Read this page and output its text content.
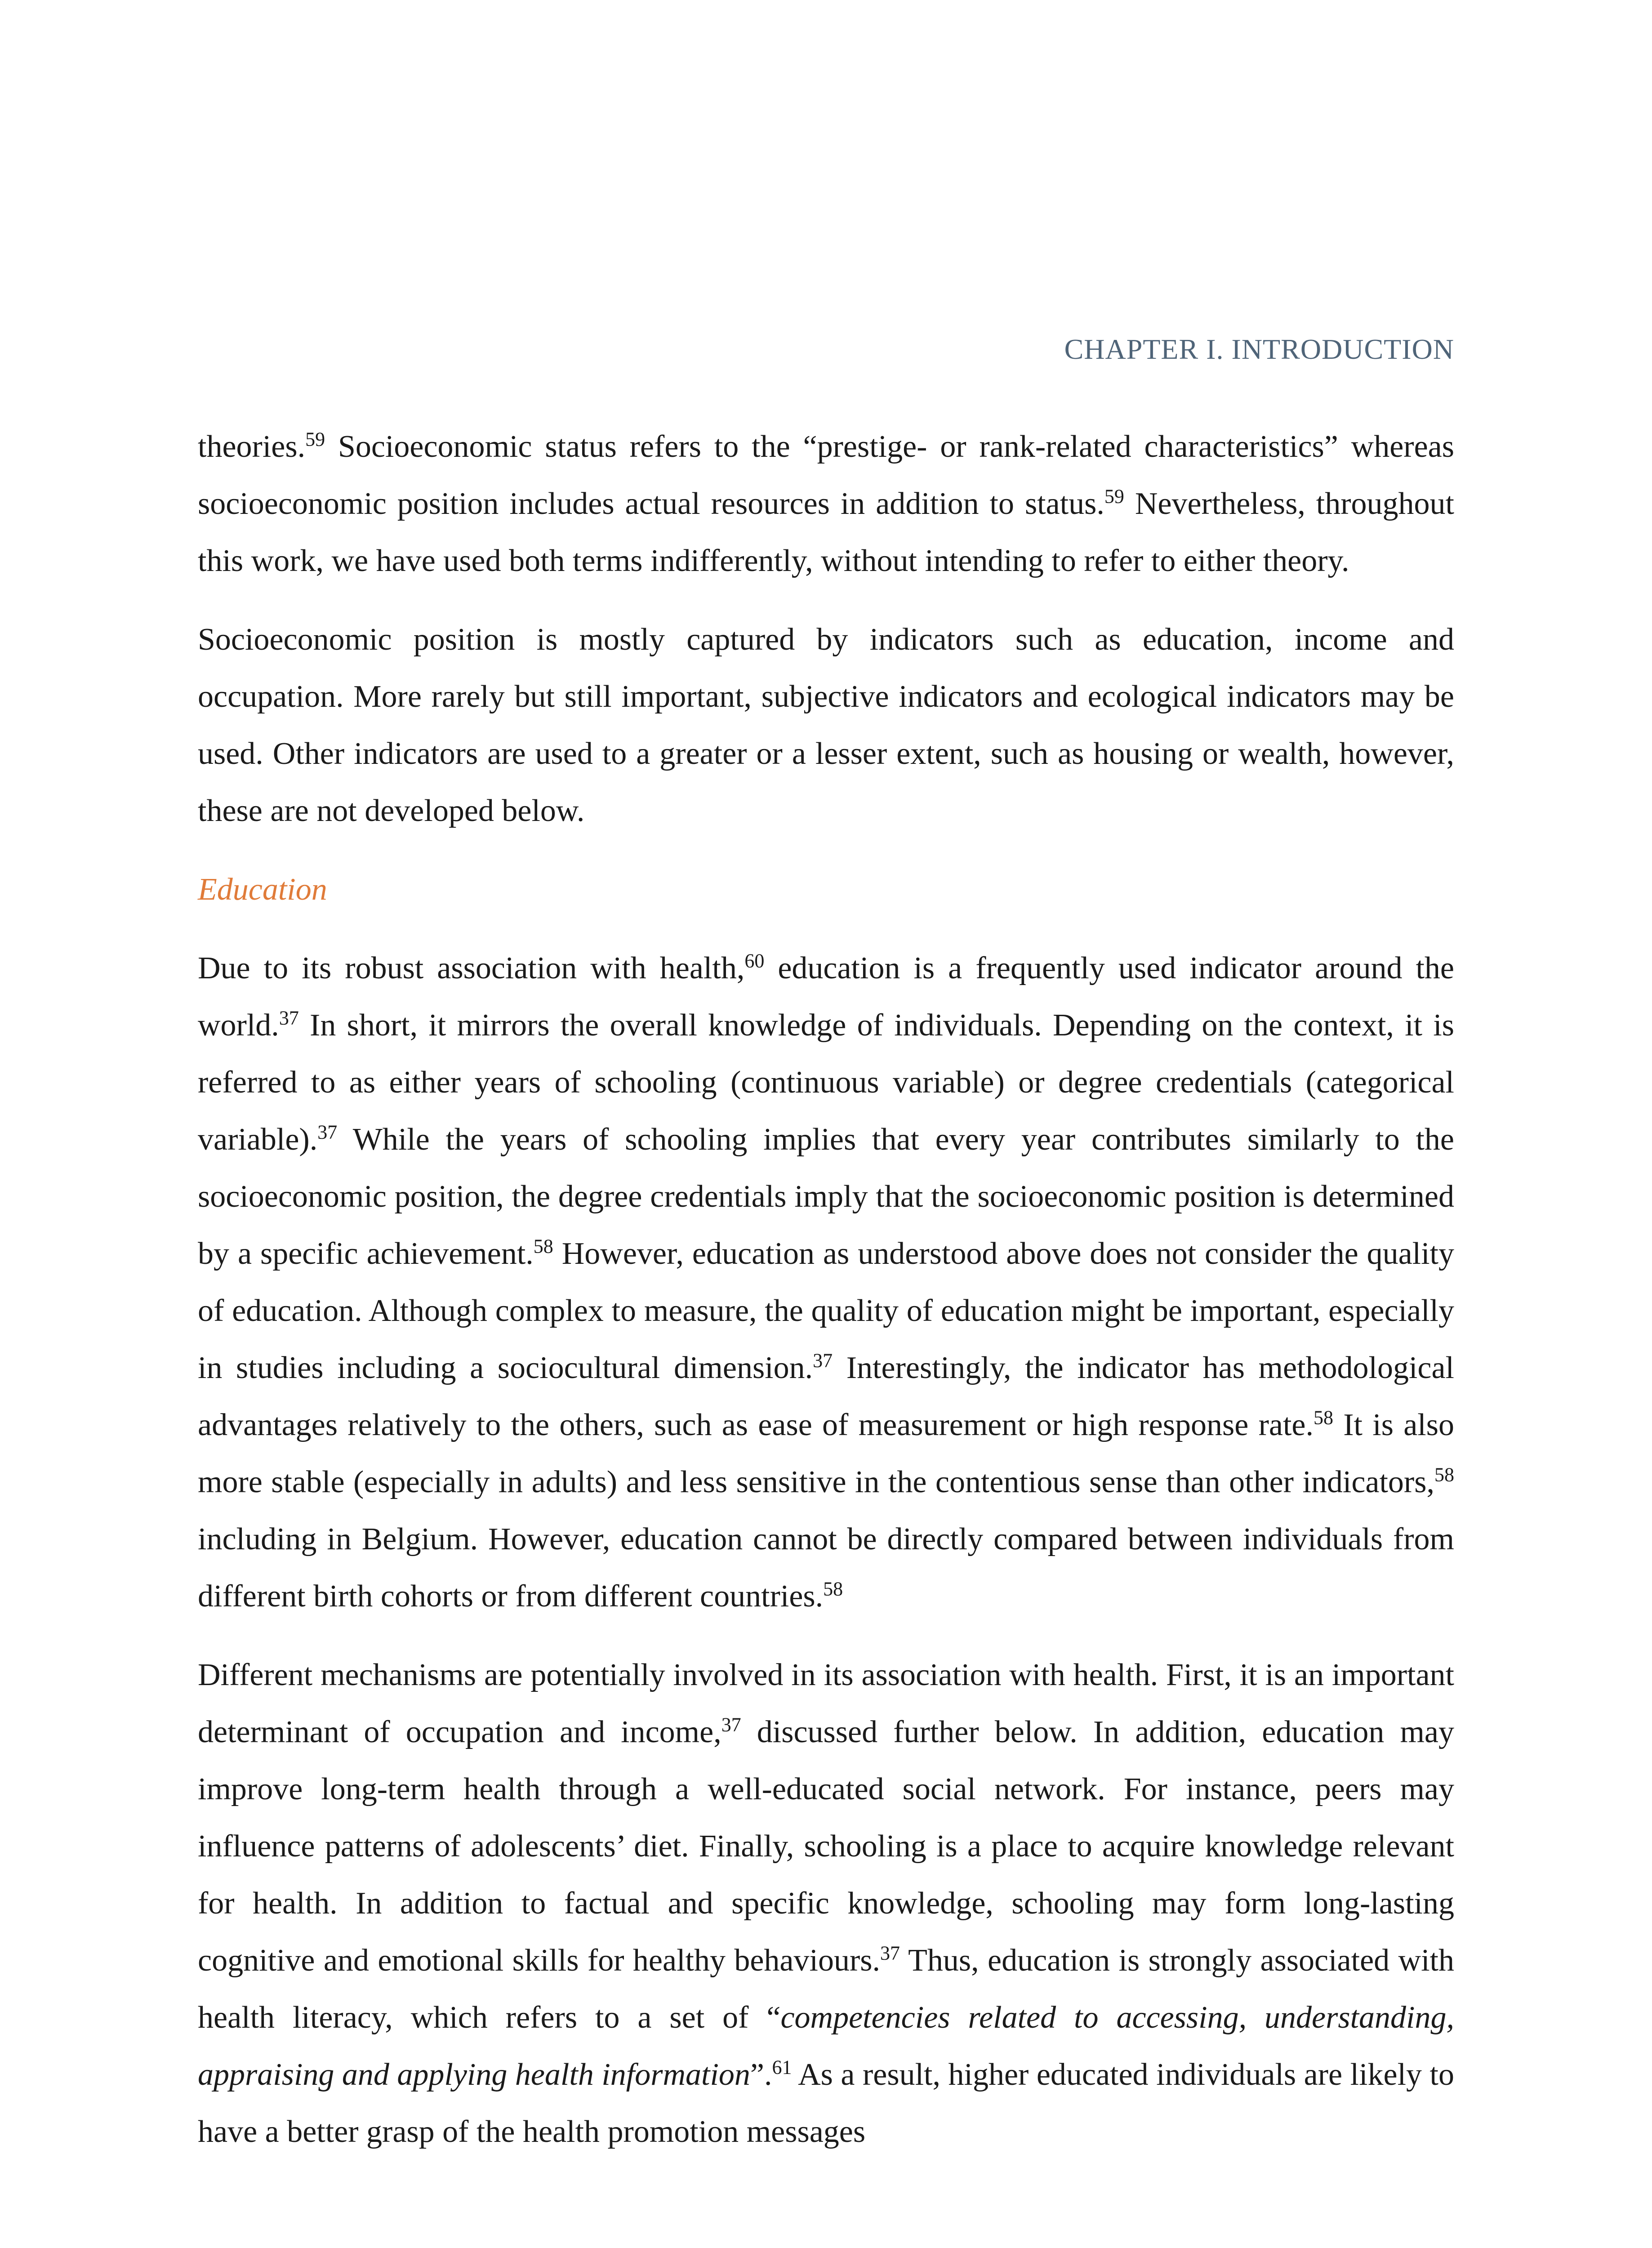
CHAPTER I. INTRODUCTION

theories.$^{59}$ Socioeconomic status refers to the “prestige- or rank-related characteristics” whereas socioeconomic position includes actual resources in addition to status.$^{59}$ Nevertheless, throughout this work, we have used both terms indifferently, without intending to refer to either theory.

Socioeconomic position is mostly captured by indicators such as education, income and occupation. More rarely but still important, subjective indicators and ecological indicators may be used. Other indicators are used to a greater or a lesser extent, such as housing or wealth, however, these are not developed below.

Education

Due to its robust association with health,$^{60}$ education is a frequently used indicator around the world.$^{37}$ In short, it mirrors the overall knowledge of individuals. Depending on the context, it is referred to as either years of schooling (continuous variable) or degree credentials (categorical variable).$^{37}$ While the years of schooling implies that every year contributes similarly to the socioeconomic position, the degree credentials imply that the socioeconomic position is determined by a specific achievement.$^{58}$ However, education as understood above does not consider the quality of education. Although complex to measure, the quality of education might be important, especially in studies including a sociocultural dimension.$^{37}$ Interestingly, the indicator has methodological advantages relatively to the others, such as ease of measurement or high response rate.$^{58}$ It is also more stable (especially in adults) and less sensitive in the contentious sense than other indicators,$^{58}$ including in Belgium. However, education cannot be directly compared between individuals from different birth cohorts or from different countries.$^{58}$

Different mechanisms are potentially involved in its association with health. First, it is an important determinant of occupation and income,$^{37}$ discussed further below. In addition, education may improve long-term health through a well-educated social network. For instance, peers may influence patterns of adolescents’ diet. Finally, schooling is a place to acquire knowledge relevant for health. In addition to factual and specific knowledge, schooling may form long-lasting cognitive and emotional skills for healthy behaviours.$^{37}$ Thus, education is strongly associated with health literacy, which refers to a set of “competencies related to accessing, understanding, appraising and applying health information”.$^{61}$ As a result, higher educated individuals are likely to have a better grasp of the health promotion messages
